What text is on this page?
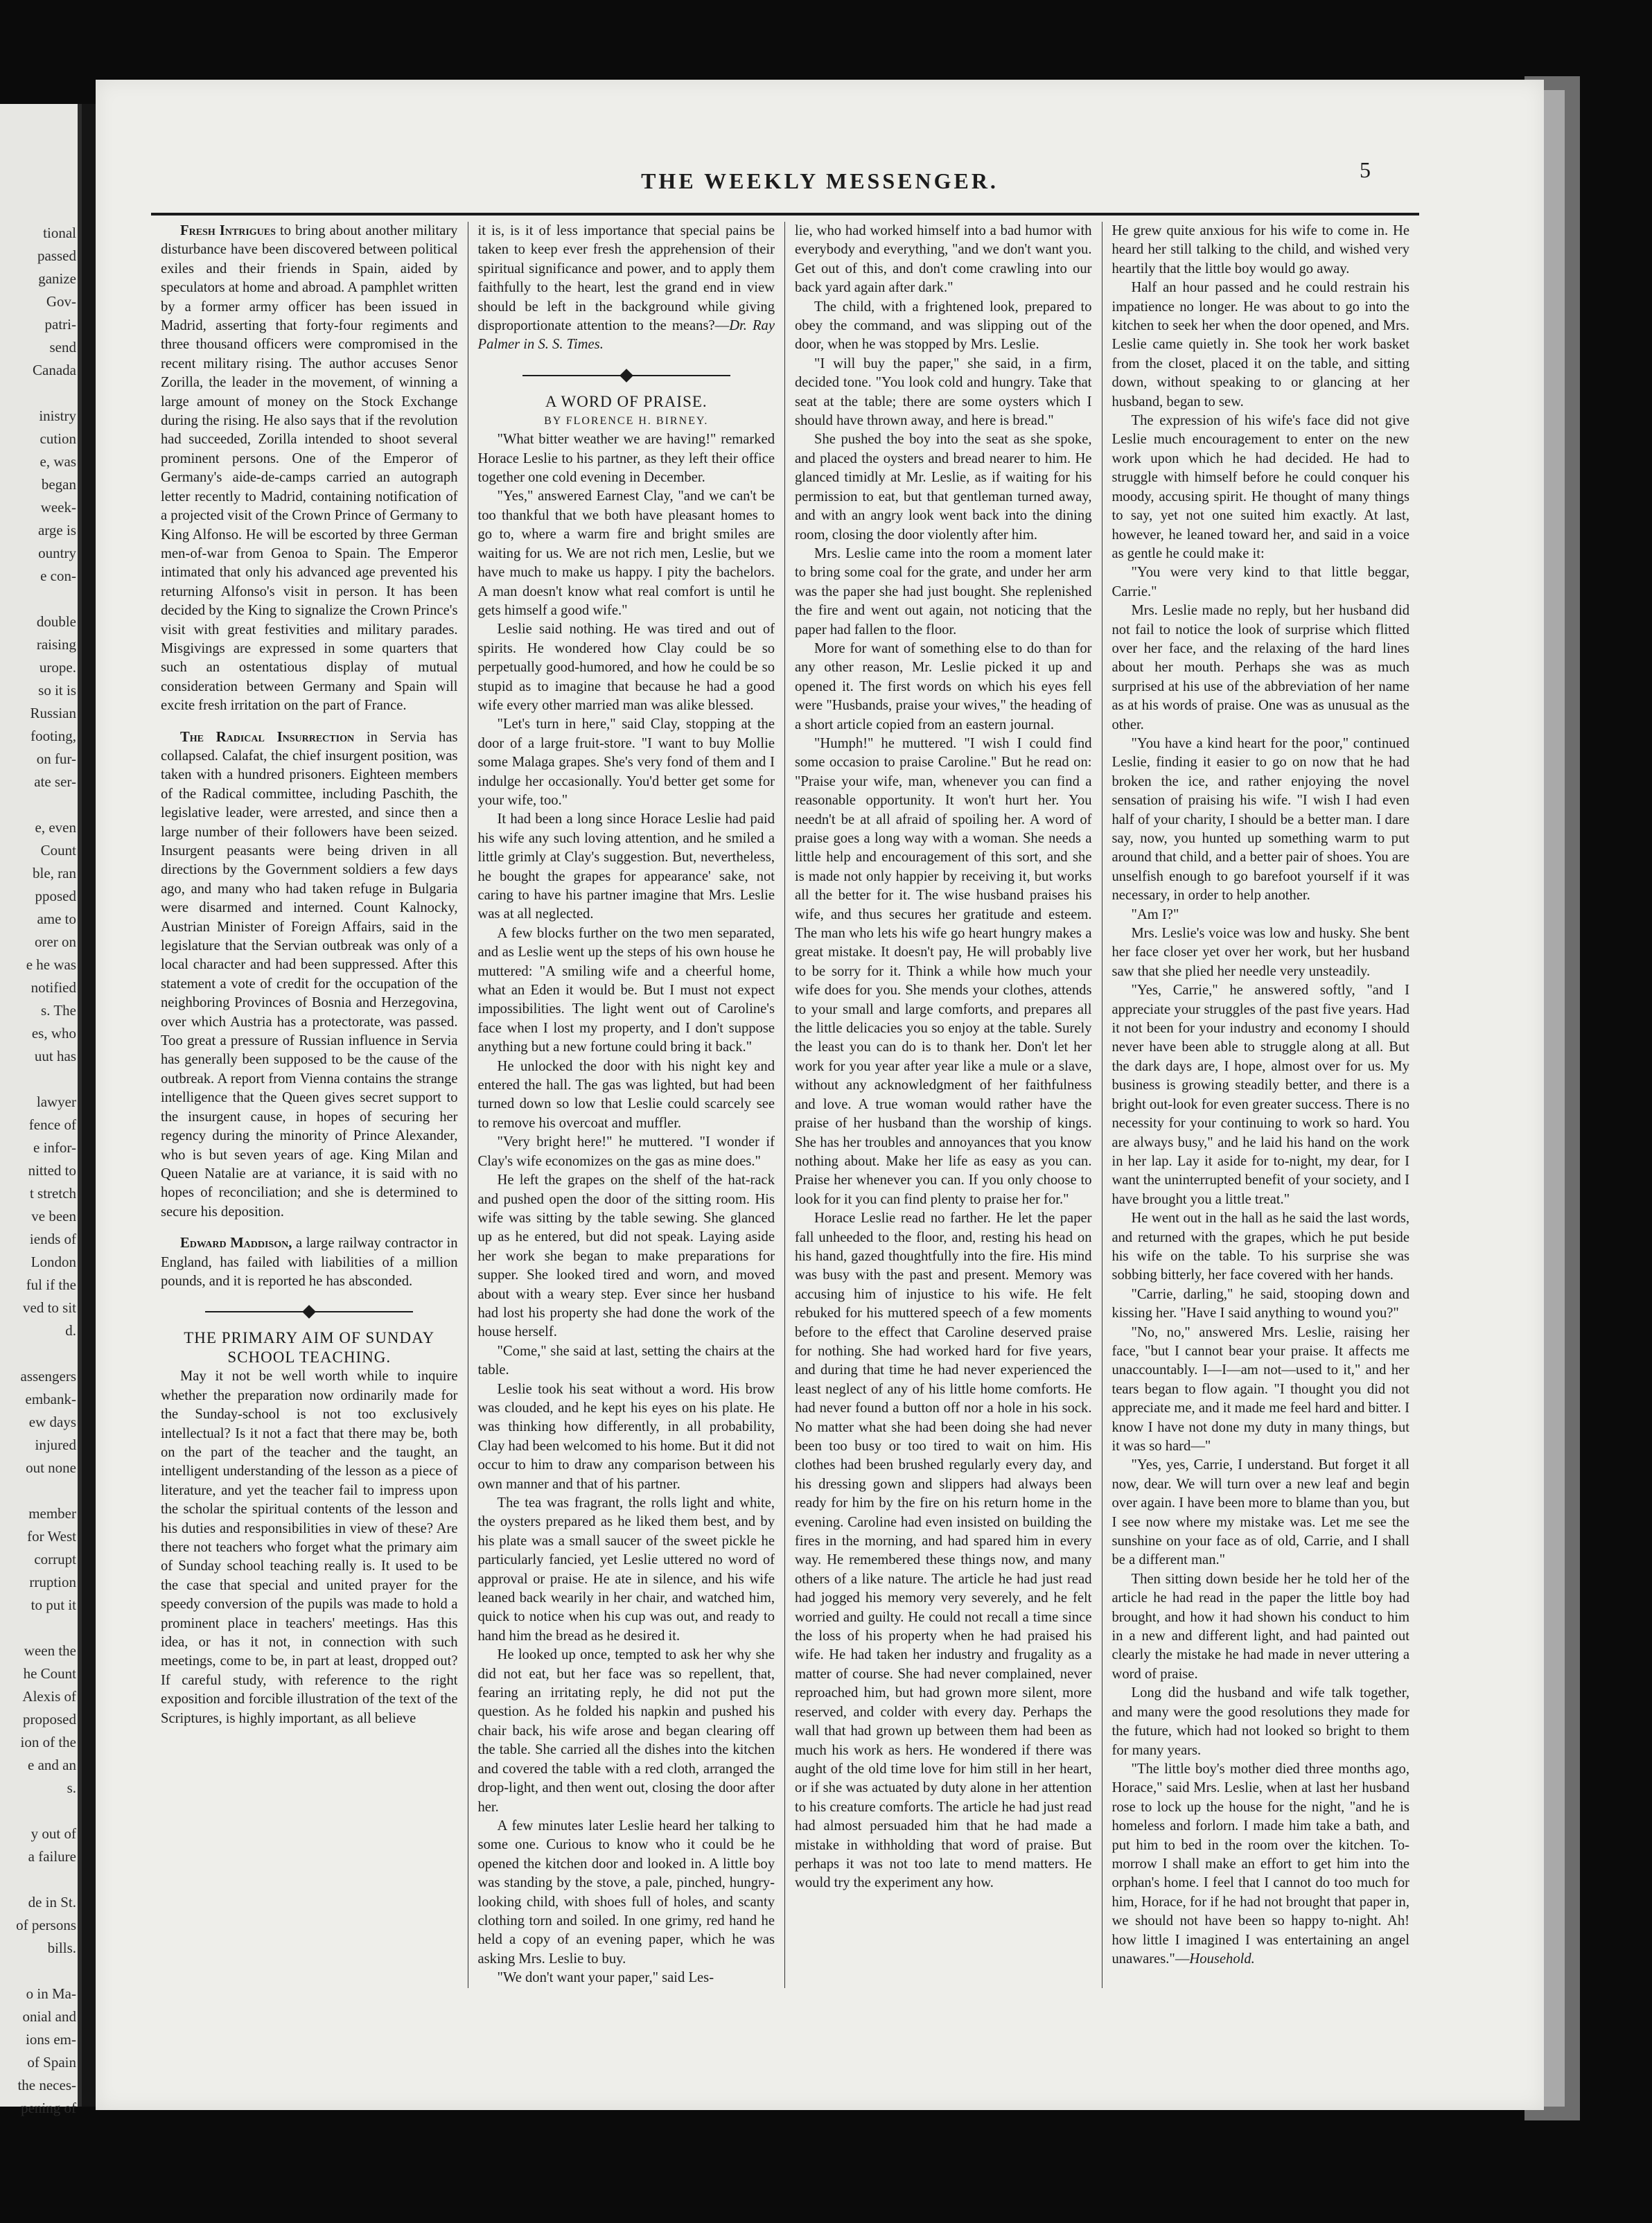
tional
passed
ganize
Gov-
patri-
send
Canada

inistry
cution
e, was
began
week-
arge is
ountry
e con-

double
raising
urope.
so it is
Russian
footing,
on fur-
ate ser-

e, even
Count
ble, ran
pposed
ame to
orer on
e he was
notified
s. The
es, who
uut has

lawyer
fence of
e infor-
nitted to
t stretch
ve been
iends of
London
ful if the
ved to sit
d.

assengers
embank-
ew days
injured
out none

member
for West
corrupt
rruption
to put it

ween the
he Count
Alexis of
proposed
ion of the
e and an
s.

y out of
a failure

de in St.
of persons
bills.

o in Ma-
onial and
ions em-
of Spain
the neces-
pening of
THE WEEKLY MESSENGER.	5

Fresh Intrigues to bring about another military disturbance have been discovered between political exiles and their friends in Spain, aided by speculators at home and abroad. A pamphlet written by a former army officer has been issued in Madrid, asserting that forty-four regiments and three thousand officers were compromised in the recent military rising. The author accuses Senor Zorilla, the leader in the movement, of winning a large amount of money on the Stock Exchange during the rising. He also says that if the revolution had succeeded, Zorilla intended to shoot several prominent persons. One of the Emperor of Germany's aide-de-camps carried an autograph letter recently to Madrid, containing notification of a projected visit of the Crown Prince of Germany to King Alfonso. He will be escorted by three German men-of-war from Genoa to Spain. The Emperor intimated that only his advanced age prevented his returning Alfonso's visit in person. It has been decided by the King to signalize the Crown Prince's visit with great festivities and military parades. Misgivings are expressed in some quarters that such an ostentatious display of mutual consideration between Germany and Spain will excite fresh irritation on the part of France.

The Radical Insurrection in Servia has collapsed. Calafat, the chief insurgent position, was taken with a hundred prisoners. Eighteen members of the Radical committee, including Paschith, the legislative leader, were arrested, and since then a large number of their followers have been seized. Insurgent peasants were being driven in all directions by the Government soldiers a few days ago, and many who had taken refuge in Bulgaria were disarmed and interned. Count Kalnocky, Austrian Minister of Foreign Affairs, said in the legislature that the Servian outbreak was only of a local character and had been suppressed. After this statement a vote of credit for the occupation of the neighboring Provinces of Bosnia and Herzegovina, over which Austria has a protectorate, was passed. Too great a pressure of Russian influence in Servia has generally been supposed to be the cause of the outbreak. A report from Vienna contains the strange intelligence that the Queen gives secret support to the insurgent cause, in hopes of securing her regency during the minority of Prince Alexander, who is but seven years of age. King Milan and Queen Natalie are at variance, it is said with no hopes of reconciliation; and she is determined to secure his deposition.

Edward Maddison, a large railway contractor in England, has failed with liabilities of a million pounds, and it is reported he has absconded.

THE PRIMARY AIM OF SUNDAY SCHOOL TEACHING.

May it not be well worth while to inquire whether the preparation now ordinarily made for the Sunday-school is not too exclusively intellectual? Is it not a fact that there may be, both on the part of the teacher and the taught, an intelligent understanding of the lesson as a piece of literature, and yet the teacher fail to impress upon the scholar the spiritual contents of the lesson and his duties and responsibilities in view of these? Are there not teachers who forget what the primary aim of Sunday school teaching really is. It used to be the case that special and united prayer for the speedy conversion of the pupils was made to hold a prominent place in teachers' meetings. Has this idea, or has it not, in connection with such meetings, come to be, in part at least, dropped out? If careful study, with reference to the right exposition and forcible illustration of the text of the Scriptures, is highly important, as all believe

it is, is it of less importance that special pains be taken to keep ever fresh the apprehension of their spiritual significance and power, and to apply them faithfully to the heart, lest the grand end in view should be left in the background while giving disproportionate attention to the means?—Dr. Ray Palmer in S. S. Times.

A WORD OF PRAISE.

BY FLORENCE H. BIRNEY.

"What bitter weather we are having!" remarked Horace Leslie to his partner, as they left their office together one cold evening in December.

"Yes," answered Earnest Clay, "and we can't be too thankful that we both have pleasant homes to go to, where a warm fire and bright smiles are waiting for us. We are not rich men, Leslie, but we have much to make us happy. I pity the bachelors. A man doesn't know what real comfort is until he gets himself a good wife."

Leslie said nothing. He was tired and out of spirits. He wondered how Clay could be so perpetually good-humored, and how he could be so stupid as to imagine that because he had a good wife every other married man was alike blessed.

"Let's turn in here," said Clay, stopping at the door of a large fruit-store. "I want to buy Mollie some Malaga grapes. She's very fond of them and I indulge her occasionally. You'd better get some for your wife, too."

It had been a long since Horace Leslie had paid his wife any such loving attention, and he smiled a little grimly at Clay's suggestion. But, nevertheless, he bought the grapes for appearance' sake, not caring to have his partner imagine that Mrs. Leslie was at all neglected.

A few blocks further on the two men separated, and as Leslie went up the steps of his own house he muttered: "A smiling wife and a cheerful home, what an Eden it would be. But I must not expect impossibilities. The light went out of Caroline's face when I lost my property, and I don't suppose anything but a new fortune could bring it back."

He unlocked the door with his night key and entered the hall. The gas was lighted, but had been turned down so low that Leslie could scarcely see to remove his overcoat and muffler.

"Very bright here!" he muttered. "I wonder if Clay's wife economizes on the gas as mine does."

He left the grapes on the shelf of the hat-rack and pushed open the door of the sitting room. His wife was sitting by the table sewing. She glanced up as he entered, but did not speak. Laying aside her work she began to make preparations for supper. She looked tired and worn, and moved about with a weary step. Ever since her husband had lost his property she had done the work of the house herself.

"Come," she said at last, setting the chairs at the table.

Leslie took his seat without a word. His brow was clouded, and he kept his eyes on his plate. He was thinking how differently, in all probability, Clay had been welcomed to his home. But it did not occur to him to draw any comparison between his own manner and that of his partner.

The tea was fragrant, the rolls light and white, the oysters prepared as he liked them best, and by his plate was a small saucer of the sweet pickle he particularly fancied, yet Leslie uttered no word of approval or praise. He ate in silence, and his wife leaned back wearily in her chair, and watched him, quick to notice when his cup was out, and ready to hand him the bread as he desired it.

He looked up once, tempted to ask her why she did not eat, but her face was so repellent, that, fearing an irritating reply, he did not put the question. As he folded his napkin and pushed his chair back, his wife arose and began clearing off the table. She carried all the dishes into the kitchen and covered the table with a red cloth, arranged the drop-light, and then went out, closing the door after her.

A few minutes later Leslie heard her talking to some one. Curious to know who it could be he opened the kitchen door and looked in. A little boy was standing by the stove, a pale, pinched, hungry-looking child, with shoes full of holes, and scanty clothing torn and soiled. In one grimy, red hand he held a copy of an evening paper, which he was asking Mrs. Leslie to buy.

"We don't want your paper," said Les-

lie, who had worked himself into a bad humor with everybody and everything, "and we don't want you. Get out of this, and don't come crawling into our back yard again after dark."

The child, with a frightened look, prepared to obey the command, and was slipping out of the door, when he was stopped by Mrs. Leslie.

"I will buy the paper," she said, in a firm, decided tone. "You look cold and hungry. Take that seat at the table; there are some oysters which I should have thrown away, and here is bread."

She pushed the boy into the seat as she spoke, and placed the oysters and bread nearer to him. He glanced timidly at Mr. Leslie, as if waiting for his permission to eat, but that gentleman turned away, and with an angry look went back into the dining room, closing the door violently after him.

Mrs. Leslie came into the room a moment later to bring some coal for the grate, and under her arm was the paper she had just bought. She replenished the fire and went out again, not noticing that the paper had fallen to the floor.

More for want of something else to do than for any other reason, Mr. Leslie picked it up and opened it. The first words on which his eyes fell were "Husbands, praise your wives," the heading of a short article copied from an eastern journal.

"Humph!" he muttered. "I wish I could find some occasion to praise Caroline." But he read on: "Praise your wife, man, whenever you can find a reasonable opportunity. It won't hurt her. You needn't be at all afraid of spoiling her. A word of praise goes a long way with a woman. She needs a little help and encouragement of this sort, and she is made not only happier by receiving it, but works all the better for it. The wise husband praises his wife, and thus secures her gratitude and esteem. The man who lets his wife go heart hungry makes a great mistake. It doesn't pay, He will probably live to be sorry for it. Think a while how much your wife does for you. She mends your clothes, attends to your small and large comforts, and prepares all the little delicacies you so enjoy at the table. Surely the least you can do is to thank her. Don't let her work for you year after year like a mule or a slave, without any acknowledgment of her faithfulness and love. A true woman would rather have the praise of her husband than the worship of kings. She has her troubles and annoyances that you know nothing about. Make her life as easy as you can. Praise her whenever you can. If you only choose to look for it you can find plenty to praise her for."

Horace Leslie read no farther. He let the paper fall unheeded to the floor, and, resting his head on his hand, gazed thoughtfully into the fire. His mind was busy with the past and present. Memory was accusing him of injustice to his wife. He felt rebuked for his muttered speech of a few moments before to the effect that Caroline deserved praise for nothing. She had worked hard for five years, and during that time he had never experienced the least neglect of any of his little home comforts. He had never found a button off nor a hole in his sock. No matter what she had been doing she had never been too busy or too tired to wait on him. His clothes had been brushed regularly every day, and his dressing gown and slippers had always been ready for him by the fire on his return home in the evening. Caroline had even insisted on building the fires in the morning, and had spared him in every way. He remembered these things now, and many others of a like nature. The article he had just read had jogged his memory very severely, and he felt worried and guilty. He could not recall a time since the loss of his property when he had praised his wife. He had taken her industry and frugality as a matter of course. She had never complained, never reproached him, but had grown more silent, more reserved, and colder with every day. Perhaps the wall that had grown up between them had been as much his work as hers. He wondered if there was aught of the old time love for him still in her heart, or if she was actuated by duty alone in her attention to his creature comforts. The article he had just read had almost persuaded him that he had made a mistake in withholding that word of praise. But perhaps it was not too late to mend matters. He would try the experiment any how.

He grew quite anxious for his wife to come in. He heard her still talking to the child, and wished very heartily that the little boy would go away.

Half an hour passed and he could restrain his impatience no longer. He was about to go into the kitchen to seek her when the door opened, and Mrs. Leslie came quietly in. She took her work basket from the closet, placed it on the table, and sitting down, without speaking to or glancing at her husband, began to sew.

The expression of his wife's face did not give Leslie much encouragement to enter on the new work upon which he had decided. He had to struggle with himself before he could conquer his moody, accusing spirit. He thought of many things to say, yet not one suited him exactly. At last, however, he leaned toward her, and said in a voice as gentle he could make it:

"You were very kind to that little beggar, Carrie."

Mrs. Leslie made no reply, but her husband did not fail to notice the look of surprise which flitted over her face, and the relaxing of the hard lines about her mouth. Perhaps she was as much surprised at his use of the abbreviation of her name as at his words of praise. One was as unusual as the other.

"You have a kind heart for the poor," continued Leslie, finding it easier to go on now that he had broken the ice, and rather enjoying the novel sensation of praising his wife. "I wish I had even half of your charity, I should be a better man. I dare say, now, you hunted up something warm to put around that child, and a better pair of shoes. You are unselfish enough to go barefoot yourself if it was necessary, in order to help another.

"Am I?"

Mrs. Leslie's voice was low and husky. She bent her face closer yet over her work, but her husband saw that she plied her needle very unsteadily.

"Yes, Carrie," he answered softly, "and I appreciate your struggles of the past five years. Had it not been for your industry and economy I should never have been able to struggle along at all. But the dark days are, I hope, almost over for us. My business is growing steadily better, and there is a bright out-look for even greater success. There is no necessity for your continuing to work so hard. You are always busy," and he laid his hand on the work in her lap. Lay it aside for to-night, my dear, for I want the uninterrupted benefit of your society, and I have brought you a little treat."

He went out in the hall as he said the last words, and returned with the grapes, which he put beside his wife on the table. To his surprise she was sobbing bitterly, her face covered with her hands.

"Carrie, darling," he said, stooping down and kissing her. "Have I said anything to wound you?"

"No, no," answered Mrs. Leslie, raising her face, "but I cannot bear your praise. It affects me unaccountably. I—I—am not—used to it," and her tears began to flow again. "I thought you did not appreciate me, and it made me feel hard and bitter. I know I have not done my duty in many things, but it was so hard—"

"Yes, yes, Carrie, I understand. But forget it all now, dear. We will turn over a new leaf and begin over again. I have been more to blame than you, but I see now where my mistake was. Let me see the sunshine on your face as of old, Carrie, and I shall be a different man."

Then sitting down beside her he told her of the article he had read in the paper the little boy had brought, and how it had shown his conduct to him in a new and different light, and had painted out clearly the mistake he had made in never uttering a word of praise.

Long did the husband and wife talk together, and many were the good resolutions they made for the future, which had not looked so bright to them for many years.

"The little boy's mother died three months ago, Horace," said Mrs. Leslie, when at last her husband rose to lock up the house for the night, "and he is homeless and forlorn. I made him take a bath, and put him to bed in the room over the kitchen. To-morrow I shall make an effort to get him into the orphan's home. I feel that I cannot do too much for him, Horace, for if he had not brought that paper in, we should not have been so happy to-night. Ah! how little I imagined I was entertaining an angel unawares."—Household.
